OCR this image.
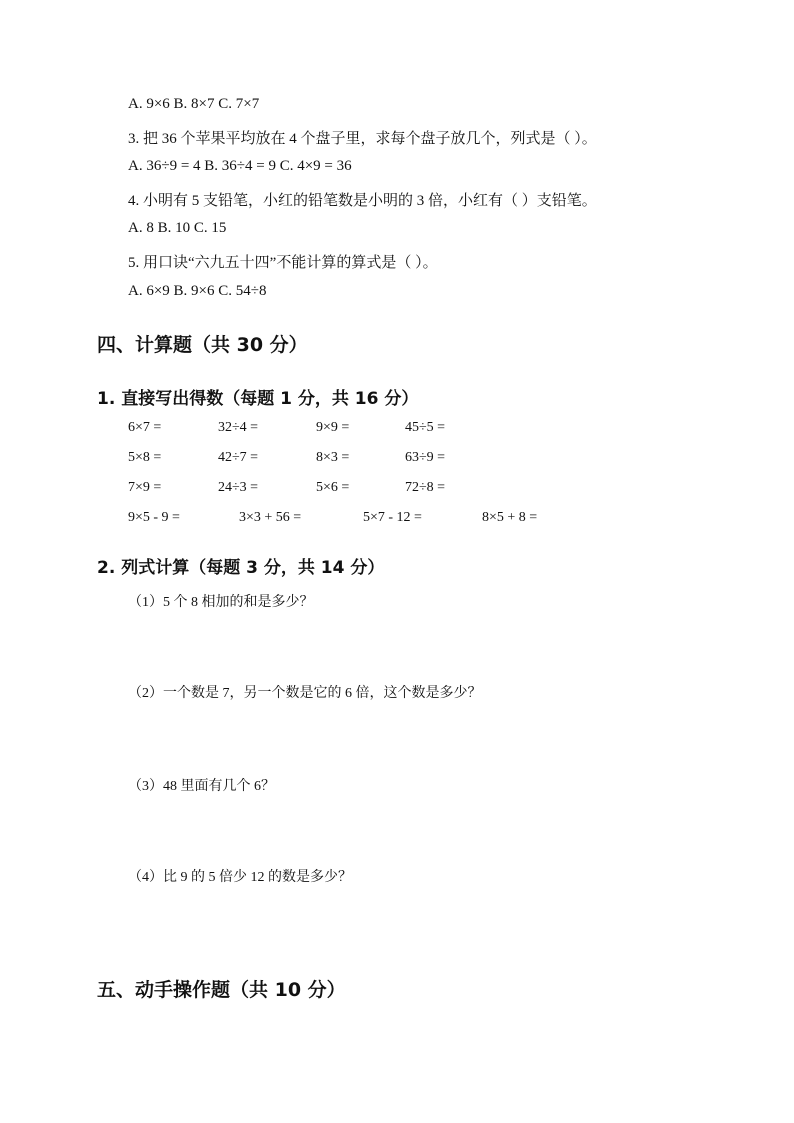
A. 9×6 B. 8×7 C. 7×7
3. 把 36 个苹果平均放在 4 个盘子里，求每个盘子放几个，列式是（ ）。
A. 36÷9 = 4 B. 36÷4 = 9 C. 4×9 = 36
4. 小明有 5 支铅笔，小红的铅笔数是小明的 3 倍，小红有（ ）支铅笔。
A. 8 B. 10 C. 15
5. 用口诀“六九五十四”不能计算的算式是（ ）。
A. 6×9 B. 9×6 C. 54÷8
四、计算题（共 30 分）
1. 直接写出得数（每题 1 分，共 16 分）
6×7 =	32÷4 =	9×9 =	45÷5 =
5×8 =	42÷7 =	8×3 =	63÷9 =
7×9 =	24÷3 =	5×6 =	72÷8 =
9×5 - 9 =	3×3 + 56 =	5×7 - 12 =	8×5 + 8 =
2. 列式计算（每题 3 分，共 14 分）
（1）5 个 8 相加的和是多少？
（2）一个数是 7，另一个数是它的 6 倍，这个数是多少？
（3）48 里面有几个 6？
（4）比 9 的 5 倍少 12 的数是多少？
五、动手操作题（共 10 分）
